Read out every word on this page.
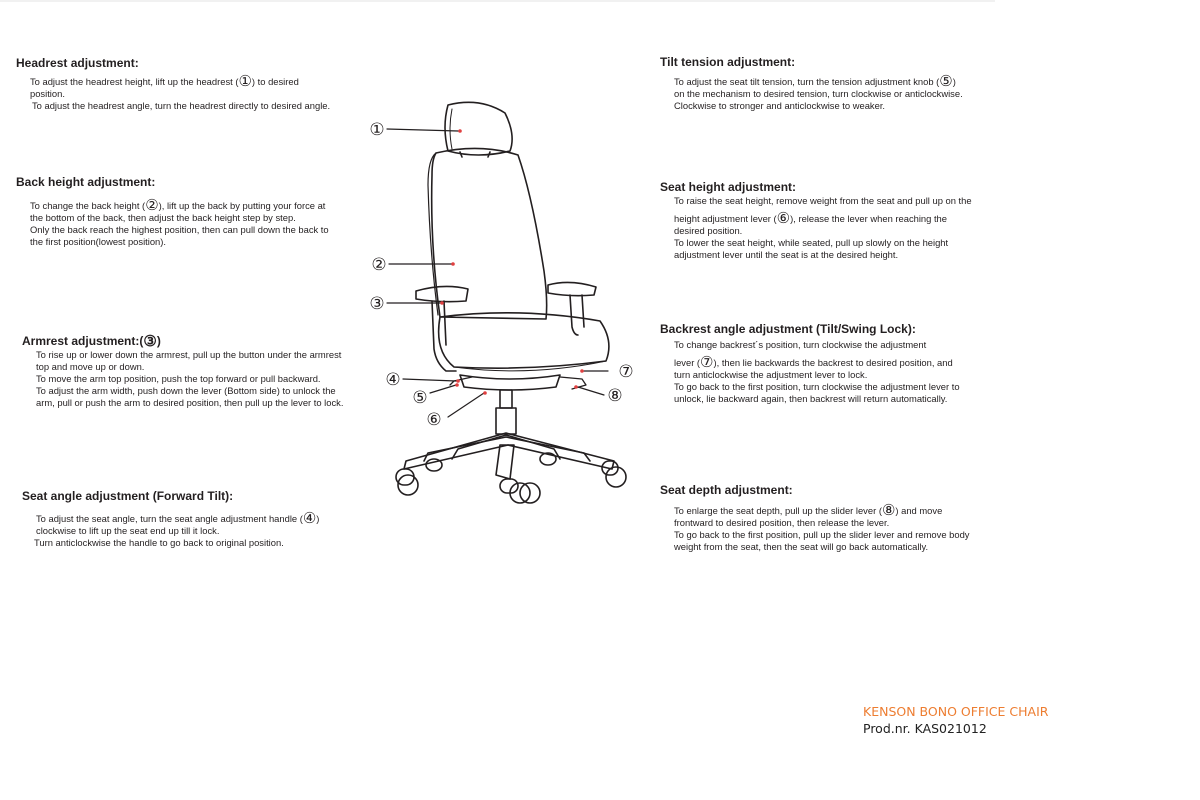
Headrest adjustment:

To adjust the headrest height, lift up the headrest (①) to desired

position.

To adjust the headrest angle, turn the headrest directly to desired angle.

Back height adjustment:

To change the back height (②), lift up the back by putting your force at

the bottom of the back, then adjust the back height step by step.

Only the back reach the highest position, then can pull down the back to

the first position(lowest position).

Armrest adjustment:(③)

To rise up or lower down the armrest, pull up the button under the armrest

top and move up or down.

To move the arm top position, push the top forward or pull backward.

To adjust the arm width, push down the lever (Bottom side) to unlock the

arm, pull or push the arm to desired position, then pull up the lever to lock.

Seat angle adjustment (Forward Tilt):

To adjust the seat angle, turn the seat angle adjustment handle (④)

clockwise to lift up the seat end up till it lock.

Turn anticlockwise the handle to go back to original position.

Tilt tension adjustment:

To adjust the seat tilt tension, turn the tension adjustment knob (⑤)

on the mechanism to desired tension, turn clockwise or anticlockwise.

Clockwise to stronger and anticlockwise to weaker.

Seat height adjustment:

To raise the seat height, remove weight from the seat and pull up on the

height adjustment lever (⑥), release the lever when reaching the

desired position.

To lower the seat height, while seated, pull up slowly on the height

adjustment lever until the seat is at the desired height.

Backrest angle adjustment (Tilt/Swing Lock):

To change backrest´s position, turn clockwise the adjustment

lever (⑦), then lie backwards the backrest to desired position, and

turn anticlockwise the adjustment lever to lock.

To go back to the first position, turn clockwise the adjustment lever to

unlock, lie backward again, then backrest will return automatically.

Seat depth adjustment:

To enlarge the seat depth, pull up the slider lever (⑧) and move

frontward to desired position, then release the lever.

To go back to the first position, pull up the slider lever and remove body

weight from the seat, then the seat will go back automatically.

①
②
③
④
⑤
⑥
⑦
⑧
KENSON BONO OFFICE CHAIR
Prod.nr. KAS021012
